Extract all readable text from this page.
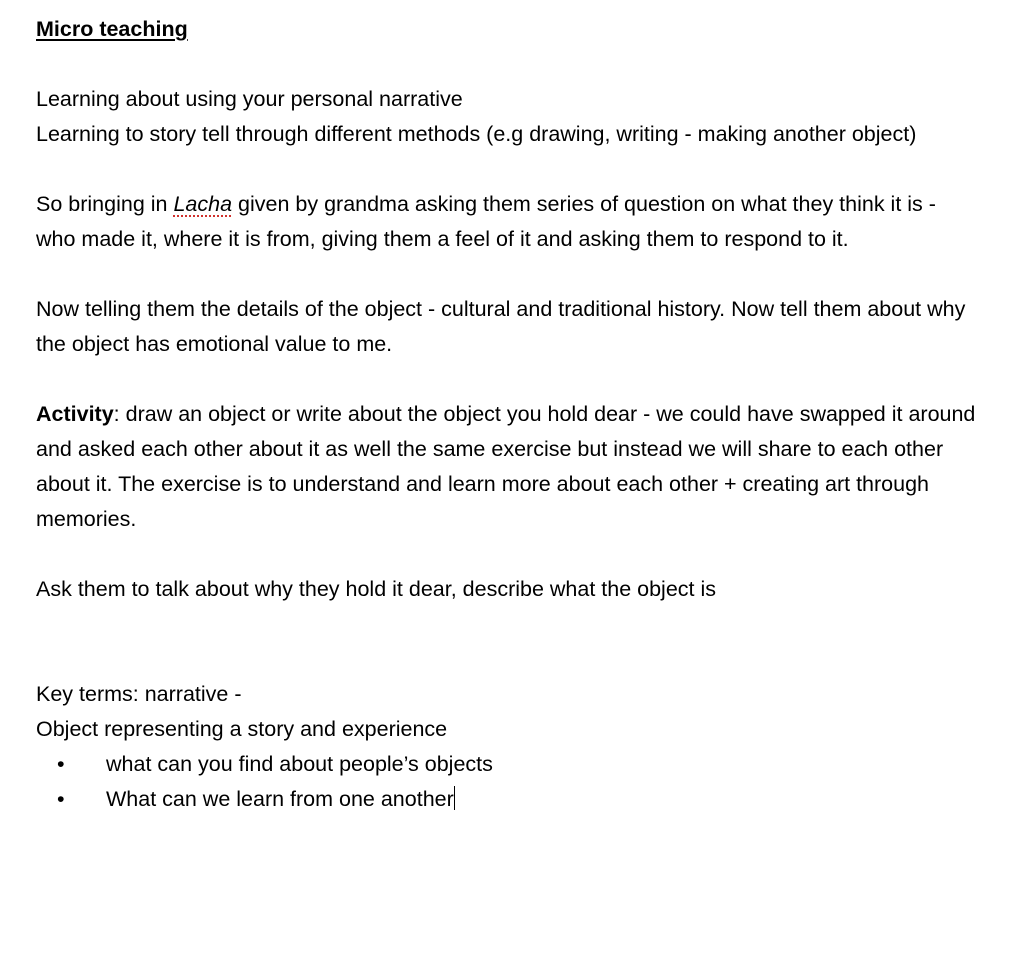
Micro teaching

Learning about using your personal narrative

Learning to story tell through different methods (e.g drawing, writing - making another object)

So bringing in Lacha given by grandma asking them series of question on what they think it is - who made it, where it is from, giving them a feel of it and asking them to respond to it.

Now telling them the details of the object - cultural and traditional history. Now tell them about why the object has emotional value to me.

Activity: draw an object or write about the object you hold dear - we could have swapped it around and asked each other about it as well the same exercise but instead we will share to each other about it. The exercise is to understand and learn more about each other + creating art through memories.

Ask them to talk about why they hold it dear, describe what the object is

Key terms: narrative -

Object representing a story and experience

• what can you find about people’s objects
• What can we learn from one another
